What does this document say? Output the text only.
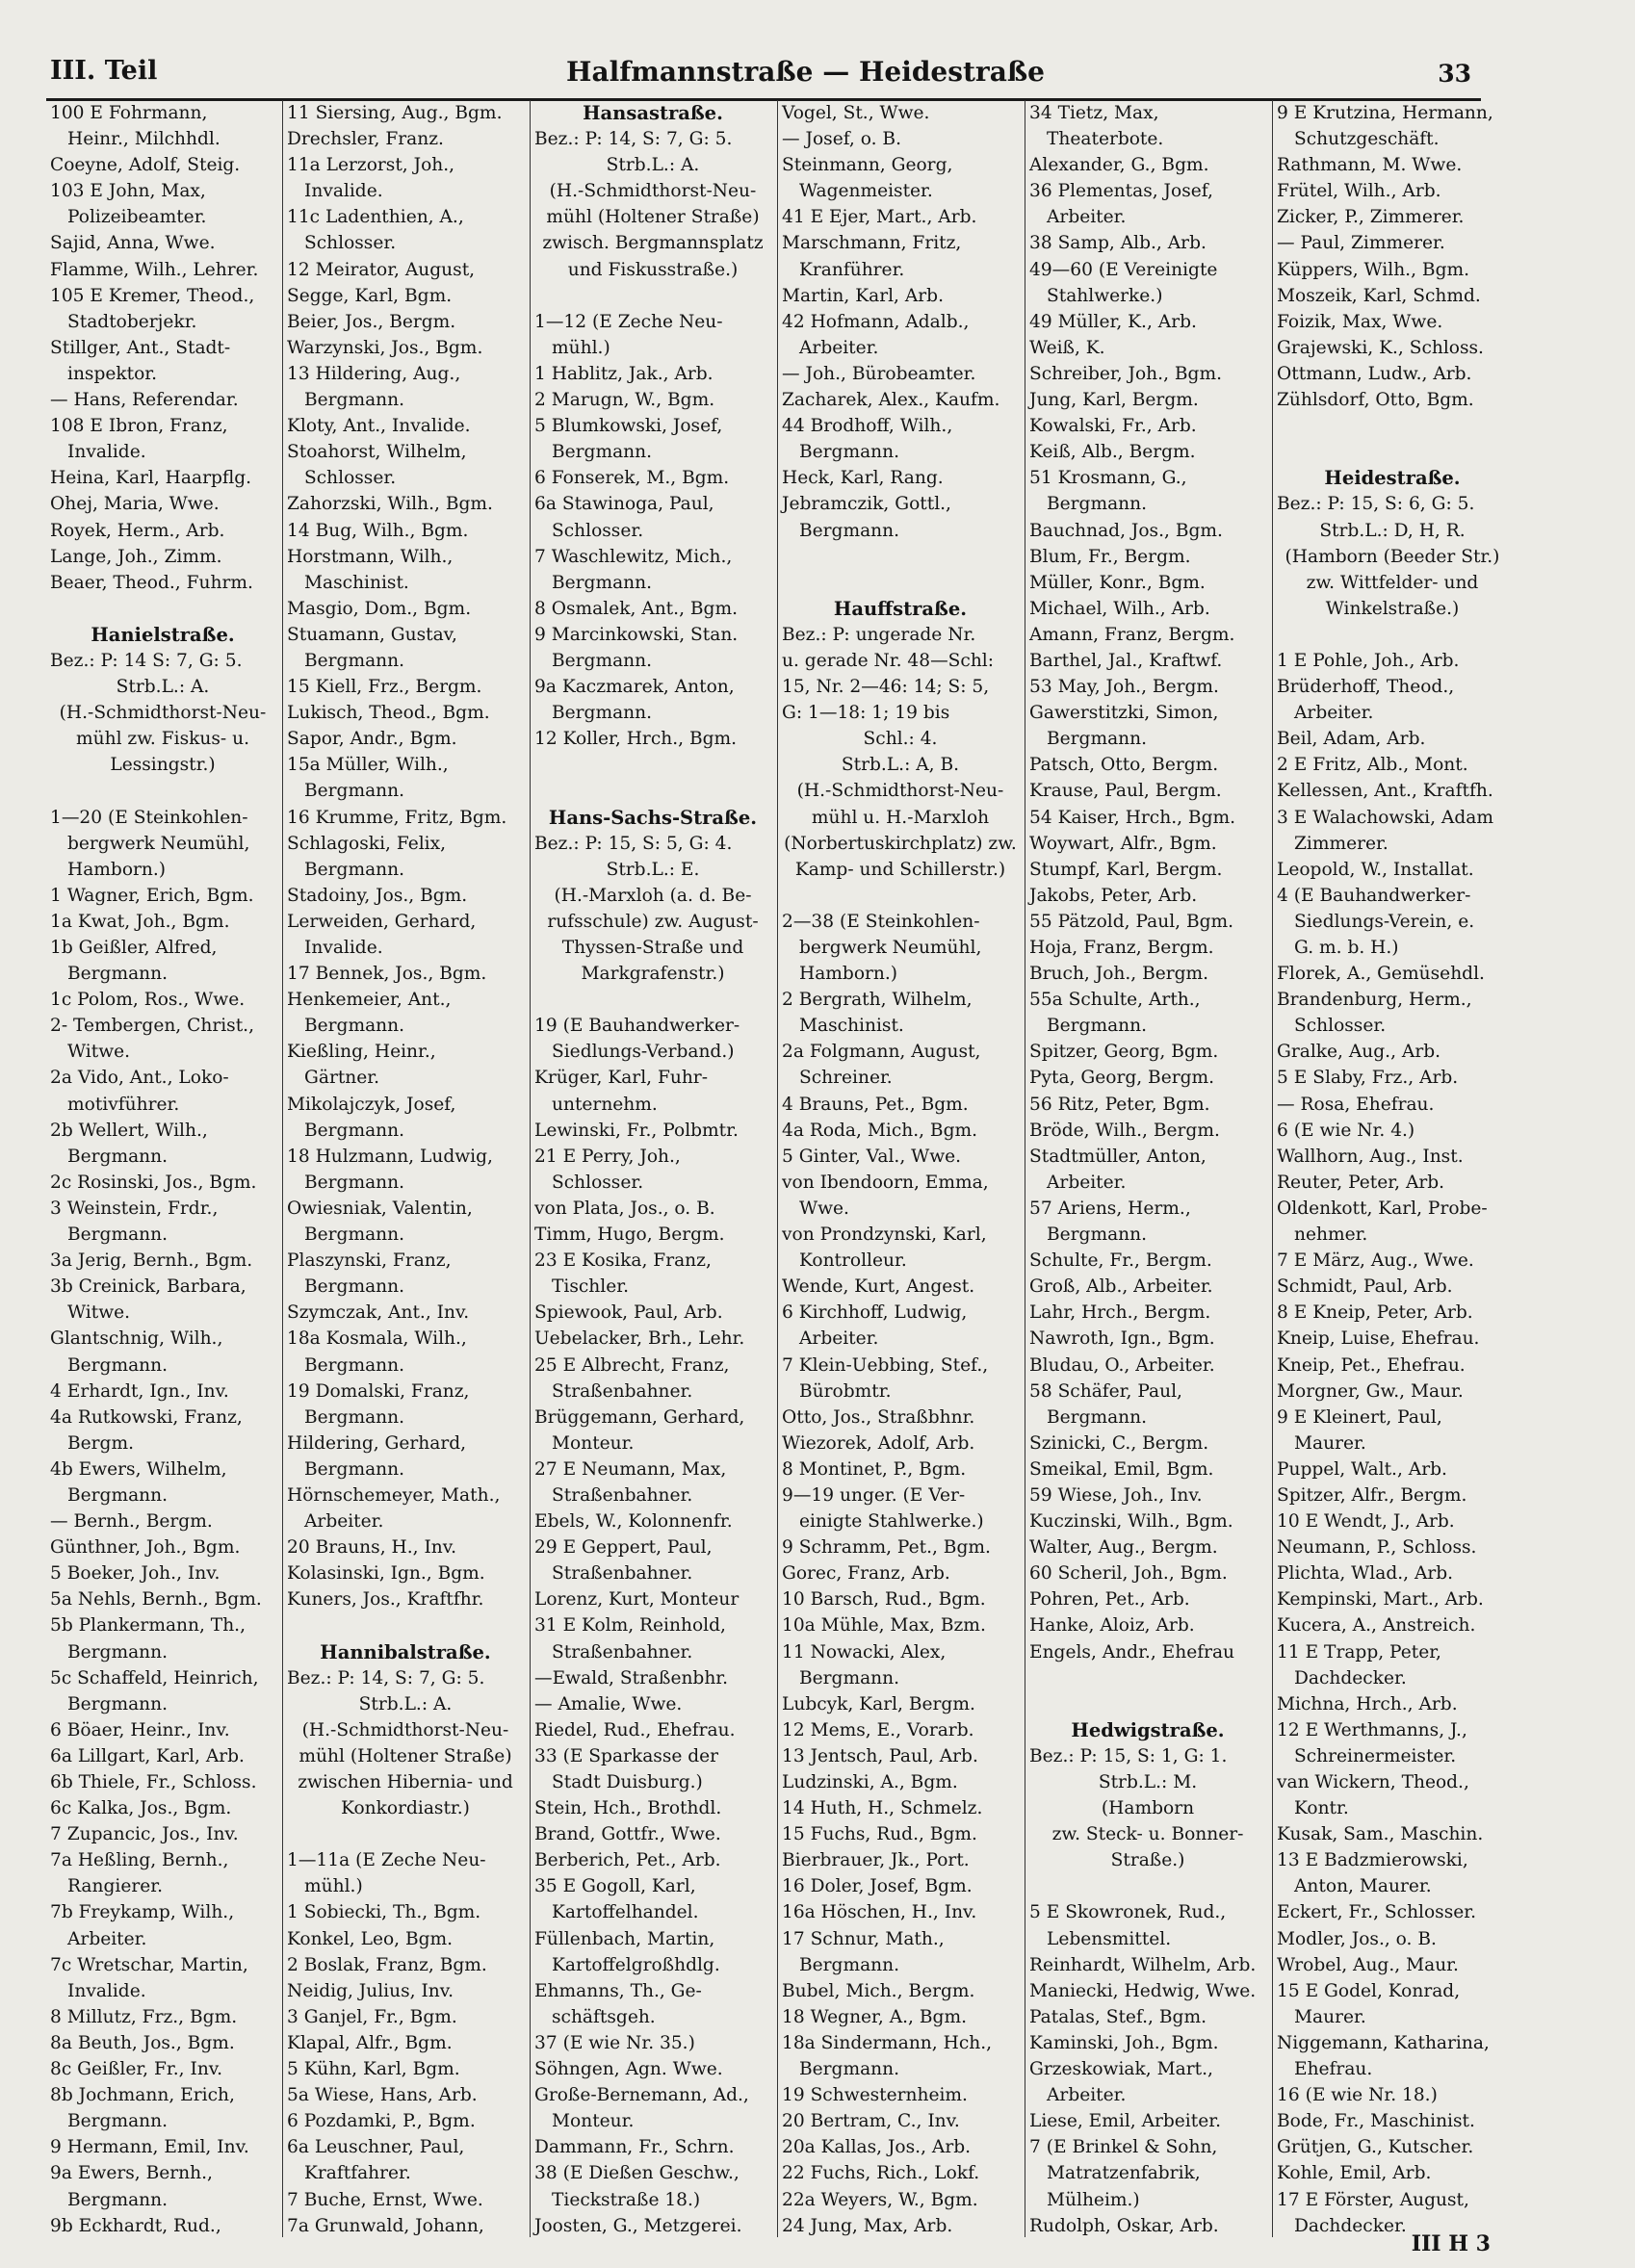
III. Teil	Halfmannstraße — Heidestraße	33
100 E Fohrmann,
Heinr., Milchhdl.
Coeyne, Adolf, Steig.
103 E John, Max,
Polizeibeamter.
Sajid, Anna, Wwe.
Flamme, Wilh., Lehrer.
105 E Kremer, Theod.,
Stadtoberjekr.
Stillger, Ant., Stadt-
inspektor.
— Hans, Referendar.
108 E Ibron, Franz,
Invalide.
Heina, Karl, Haarpflg.
Ohej, Maria, Wwe.
Royek, Herm., Arb.
Lange, Joh., Zimm.
Beaer, Theod., Fuhrm.
Hanielstraße.
Bez.: P: 14 S: 7, G: 5.
Strb.L.: A.
(H.-Schmidthorst-Neu-
mühl zw. Fiskus- u.
Lessingstr.)
1—20 (E Steinkohlen-
bergwerk Neumühl,
Hamborn.)
1 Wagner, Erich, Bgm.
1a Kwat, Joh., Bgm.
1b Geißler, Alfred,
Bergmann.
1c Polom, Ros., Wwe.
2- Tembergen, Christ.,
Witwe.
2a Vido, Ant., Loko-
motivführer.
2b Wellert, Wilh.,
Bergmann.
2c Rosinski, Jos., Bgm.
3 Weinstein, Frdr.,
Bergmann.
3a Jerig, Bernh., Bgm.
3b Creinick, Barbara,
Witwe.
Glantschnig, Wilh.,
Bergmann.
4 Erhardt, Ign., Inv.
4a Rutkowski, Franz,
Bergm.
4b Ewers, Wilhelm,
Bergmann.
— Bernh., Bergm.
Günthner, Joh., Bgm.
5 Boeker, Joh., Inv.
5a Nehls, Bernh., Bgm.
5b Plankermann, Th.,
Bergmann.
5c Schaffeld, Heinrich,
Bergmann.
6 Böaer, Heinr., Inv.
6a Lillgart, Karl, Arb.
6b Thiele, Fr., Schloss.
6c Kalka, Jos., Bgm.
7 Zupancic, Jos., Inv.
7a Heßling, Bernh.,
Rangierer.
7b Freykamp, Wilh.,
Arbeiter.
7c Wretschar, Martin,
Invalide.
8 Millutz, Frz., Bgm.
8a Beuth, Jos., Bgm.
8c Geißler, Fr., Inv.
8b Jochmann, Erich,
Bergmann.
9 Hermann, Emil, Inv.
9a Ewers, Bernh.,
Bergmann.
9b Eckhardt, Rud.,
11 Siersing, Aug., Bgm.
Drechsler, Franz.
11a Lerzorst, Joh.,
Invalide.
11c Ladenthien, A.,
Schlosser.
12 Meirator, August,
Segge, Karl, Bgm.
Beier, Jos., Bergm.
Warzynski, Jos., Bgm.
13 Hildering, Aug.,
Bergmann.
Kloty, Ant., Invalide.
Stoahorst, Wilhelm,
Schlosser.
Zahorzski, Wilh., Bgm.
14 Bug, Wilh., Bgm.
Horstmann, Wilh.,
Maschinist.
Masgio, Dom., Bgm.
Stuamann, Gustav,
Bergmann.
15 Kiell, Frz., Bergm.
Lukisch, Theod., Bgm.
Sapor, Andr., Bgm.
15a Müller, Wilh.,
Bergmann.
16 Krumme, Fritz, Bgm.
Schlagoski, Felix,
Bergmann.
Stadoiny, Jos., Bgm.
Lerweiden, Gerhard,
Invalide.
17 Bennek, Jos., Bgm.
Henkemeier, Ant.,
Bergmann.
Kießling, Heinr.,
Gärtner.
Mikolajczyk, Josef,
Bergmann.
18 Hulzmann, Ludwig,
Bergmann.
Owiesniak, Valentin,
Bergmann.
Plaszynski, Franz,
Bergmann.
Szymczak, Ant., Inv.
18a Kosmala, Wilh.,
Bergmann.
19 Domalski, Franz,
Bergmann.
Hildering, Gerhard,
Bergmann.
Hörnschemeyer, Math.,
Arbeiter.
20 Brauns, H., Inv.
Kolasinski, Ign., Bgm.
Kuners, Jos., Kraftfhr.
Hannibalstraße.
Bez.: P: 14, S: 7, G: 5.
Strb.L.: A.
(H.-Schmidthorst-Neu-
mühl (Holtener Straße)
zwischen Hibernia- und
Konkordiastr.)
1—11a (E Zeche Neu-
mühl.)
1 Sobiecki, Th., Bgm.
Konkel, Leo, Bgm.
2 Boslak, Franz, Bgm.
Neidig, Julius, Inv.
3 Ganjel, Fr., Bgm.
Klapal, Alfr., Bgm.
5 Kühn, Karl, Bgm.
5a Wiese, Hans, Arb.
6 Pozdamki, P., Bgm.
6a Leuschner, Paul,
Kraftfahrer.
7 Buche, Ernst, Wwe.
7a Grunwald, Johann,
Hansastraße.
Bez.: P: 14, S: 7, G: 5.
Strb.L.: A.
(H.-Schmidthorst-Neu-
mühl (Holtener Straße)
zwisch. Bergmannsplatz
und Fiskusstraße.)
1—12 (E Zeche Neu-
mühl.)
1 Hablitz, Jak., Arb.
2 Marugn, W., Bgm.
5 Blumkowski, Josef,
Bergmann.
6 Fonserek, M., Bgm.
6a Stawinoga, Paul,
Schlosser.
7 Waschlewitz, Mich.,
Bergmann.
8 Osmalek, Ant., Bgm.
9 Marcinkowski, Stan.
Bergmann.
9a Kaczmarek, Anton,
Bergmann.
12 Koller, Hrch., Bgm.
Hans-Sachs-Straße.
Bez.: P: 15, S: 5, G: 4.
Strb.L.: E.
(H.-Marxloh (a. d. Be-
rufsschule) zw. August-
Thyssen-Straße und
Markgrafenstr.)
19 (E Bauhandwerker-
Siedlungs-Verband.)
Krüger, Karl, Fuhr-
unternehm.
Lewinski, Fr., Polbmtr.
21 E Perry, Joh.,
Schlosser.
von Plata, Jos., o. B.
Timm, Hugo, Bergm.
23 E Kosika, Franz,
Tischler.
Spiewook, Paul, Arb.
Uebelacker, Brh., Lehr.
25 E Albrecht, Franz,
Straßenbahner.
Brüggemann, Gerhard,
Monteur.
27 E Neumann, Max,
Straßenbahner.
Ebels, W., Kolonnenfr.
29 E Geppert, Paul,
Straßenbahner.
Lorenz, Kurt, Monteur
31 E Kolm, Reinhold,
Straßenbahner.
—Ewald, Straßenbhr.
— Amalie, Wwe.
Riedel, Rud., Ehefrau.
33 (E Sparkasse der
Stadt Duisburg.)
Stein, Hch., Brothdl.
Brand, Gottfr., Wwe.
Berberich, Pet., Arb.
35 E Gogoll, Karl,
Kartoffelhandel.
Füllenbach, Martin,
Kartoffelgroßhdlg.
Ehmanns, Th., Ge-
schäftsgeh.
37 (E wie Nr. 35.)
Söhngen, Agn. Wwe.
Große-Bernemann, Ad.,
Monteur.
Dammann, Fr., Schrn.
38 (E Dießen Geschw.,
Tieckstraße 18.)
Joosten, G., Metzgerei.
Vogel, St., Wwe.
— Josef, o. B.
Steinmann, Georg,
Wagenmeister.
41 E Ejer, Mart., Arb.
Marschmann, Fritz,
Kranführer.
Martin, Karl, Arb.
42 Hofmann, Adalb.,
Arbeiter.
— Joh., Bürobeamter.
Zacharek, Alex., Kaufm.
44 Brodhoff, Wilh.,
Bergmann.
Heck, Karl, Rang.
Jebramczik, Gottl.,
Bergmann.
Hauffstraße.
Bez.: P: ungerade Nr.
u. gerade Nr. 48—Schl:
15, Nr. 2—46: 14; S: 5,
G: 1—18: 1; 19 bis
Schl.: 4.
Strb.L.: A, B.
(H.-Schmidthorst-Neu-
mühl u. H.-Marxloh
(Norbertuskirchplatz) zw.
Kamp- und Schillerstr.)
2—38 (E Steinkohlen-
bergwerk Neumühl,
Hamborn.)
2 Bergrath, Wilhelm,
Maschinist.
2a Folgmann, August,
Schreiner.
4 Brauns, Pet., Bgm.
4a Roda, Mich., Bgm.
5 Ginter, Val., Wwe.
von Ibendoorn, Emma,
Wwe.
von Prondzynski, Karl,
Kontrolleur.
Wende, Kurt, Angest.
6 Kirchhoff, Ludwig,
Arbeiter.
7 Klein-Uebbing, Stef.,
Bürobmtr.
Otto, Jos., Straßbhnr.
Wiezorek, Adolf, Arb.
8 Montinet, P., Bgm.
9—19 unger. (E Ver-
einigte Stahlwerke.)
9 Schramm, Pet., Bgm.
Gorec, Franz, Arb.
10 Barsch, Rud., Bgm.
10a Mühle, Max, Bzm.
11 Nowacki, Alex,
Bergmann.
Lubcyk, Karl, Bergm.
12 Mems, E., Vorarb.
13 Jentsch, Paul, Arb.
Ludzinski, A., Bgm.
14 Huth, H., Schmelz.
15 Fuchs, Rud., Bgm.
Bierbrauer, Jk., Port.
16 Doler, Josef, Bgm.
16a Höschen, H., Inv.
17 Schnur, Math.,
Bergmann.
Bubel, Mich., Bergm.
18 Wegner, A., Bgm.
18a Sindermann, Hch.,
Bergmann.
19 Schwesternheim.
20 Bertram, C., Inv.
20a Kallas, Jos., Arb.
22 Fuchs, Rich., Lokf.
22a Weyers, W., Bgm.
24 Jung, Max, Arb.
34 Tietz, Max,
Theaterbote.
Alexander, G., Bgm.
36 Plementas, Josef,
Arbeiter.
38 Samp, Alb., Arb.
49—60 (E Vereinigte
Stahlwerke.)
49 Müller, K., Arb.
Weiß, K.
Schreiber, Joh., Bgm.
Jung, Karl, Bergm.
Kowalski, Fr., Arb.
Keiß, Alb., Bergm.
51 Krosmann, G.,
Bergmann.
Bauchnad, Jos., Bgm.
Blum, Fr., Bergm.
Müller, Konr., Bgm.
Michael, Wilh., Arb.
Amann, Franz, Bergm.
Barthel, Jal., Kraftwf.
53 May, Joh., Bergm.
Gawerstitzki, Simon,
Bergmann.
Patsch, Otto, Bergm.
Krause, Paul, Bergm.
54 Kaiser, Hrch., Bgm.
Woywart, Alfr., Bgm.
Stumpf, Karl, Bergm.
Jakobs, Peter, Arb.
55 Pätzold, Paul, Bgm.
Hoja, Franz, Bergm.
Bruch, Joh., Bergm.
55a Schulte, Arth.,
Bergmann.
Spitzer, Georg, Bgm.
Pyta, Georg, Bergm.
56 Ritz, Peter, Bgm.
Bröde, Wilh., Bergm.
Stadtmüller, Anton,
Arbeiter.
57 Ariens, Herm.,
Bergmann.
Schulte, Fr., Bergm.
Groß, Alb., Arbeiter.
Lahr, Hrch., Bergm.
Nawroth, Ign., Bgm.
Bludau, O., Arbeiter.
58 Schäfer, Paul,
Bergmann.
Szinicki, C., Bergm.
Smeikal, Emil, Bgm.
59 Wiese, Joh., Inv.
Kuczinski, Wilh., Bgm.
Walter, Aug., Bergm.
60 Scheril, Joh., Bgm.
Pohren, Pet., Arb.
Hanke, Aloiz, Arb.
Engels, Andr., Ehefrau
Hedwigstraße.
Bez.: P: 15, S: 1, G: 1.
Strb.L.: M.
(Hamborn
zw. Steck- u. Bonner-
Straße.)
5 E Skowronek, Rud.,
Lebensmittel.
Reinhardt, Wilhelm, Arb.
Maniecki, Hedwig, Wwe.
Patalas, Stef., Bgm.
Kaminski, Joh., Bgm.
Grzeskowiak, Mart.,
Arbeiter.
Liese, Emil, Arbeiter.
7 (E Brinkel & Sohn,
Matratzenfabrik,
Mülheim.)
Rudolph, Oskar, Arb.
9 E Krutzina, Hermann,
Schutzgeschäft.
Rathmann, M. Wwe.
Frütel, Wilh., Arb.
Zicker, P., Zimmerer.
— Paul, Zimmerer.
Küppers, Wilh., Bgm.
Moszeik, Karl, Schmd.
Foizik, Max, Wwe.
Grajewski, K., Schloss.
Ottmann, Ludw., Arb.
Zühlsdorf, Otto, Bgm.
Heidestraße.
Bez.: P: 15, S: 6, G: 5.
Strb.L.: D, H, R.
(Hamborn (Beeder Str.)
zw. Wittfelder- und
Winkelstraße.)
1 E Pohle, Joh., Arb.
Brüderhoff, Theod.,
Arbeiter.
Beil, Adam, Arb.
2 E Fritz, Alb., Mont.
Kellessen, Ant., Kraftfh.
3 E Walachowski, Adam
Zimmerer.
Leopold, W., Installat.
4 (E Bauhandwerker-
Siedlungs-Verein, e.
G. m. b. H.)
Florek, A., Gemüsehdl.
Brandenburg, Herm.,
Schlosser.
Gralke, Aug., Arb.
5 E Slaby, Frz., Arb.
— Rosa, Ehefrau.
6 (E wie Nr. 4.)
Wallhorn, Aug., Inst.
Reuter, Peter, Arb.
Oldenkott, Karl, Probe-
nehmer.
7 E März, Aug., Wwe.
Schmidt, Paul, Arb.
8 E Kneip, Peter, Arb.
Kneip, Luise, Ehefrau.
Kneip, Pet., Ehefrau.
Morgner, Gw., Maur.
9 E Kleinert, Paul,
Maurer.
Puppel, Walt., Arb.
Spitzer, Alfr., Bergm.
10 E Wendt, J., Arb.
Neumann, P., Schloss.
Plichta, Wlad., Arb.
Kempinski, Mart., Arb.
Kucera, A., Anstreich.
11 E Trapp, Peter,
Dachdecker.
Michna, Hrch., Arb.
12 E Werthmanns, J.,
Schreinermeister.
van Wickern, Theod.,
Kontr.
Kusak, Sam., Maschin.
13 E Badzmierowski,
Anton, Maurer.
Eckert, Fr., Schlosser.
Modler, Jos., o. B.
Wrobel, Aug., Maur.
15 E Godel, Konrad,
Maurer.
Niggemann, Katharina,
Ehefrau.
16 (E wie Nr. 18.)
Bode, Fr., Maschinist.
Grütjen, G., Kutscher.
Kohle, Emil, Arb.
17 E Förster, August,
Dachdecker.
III H 3
